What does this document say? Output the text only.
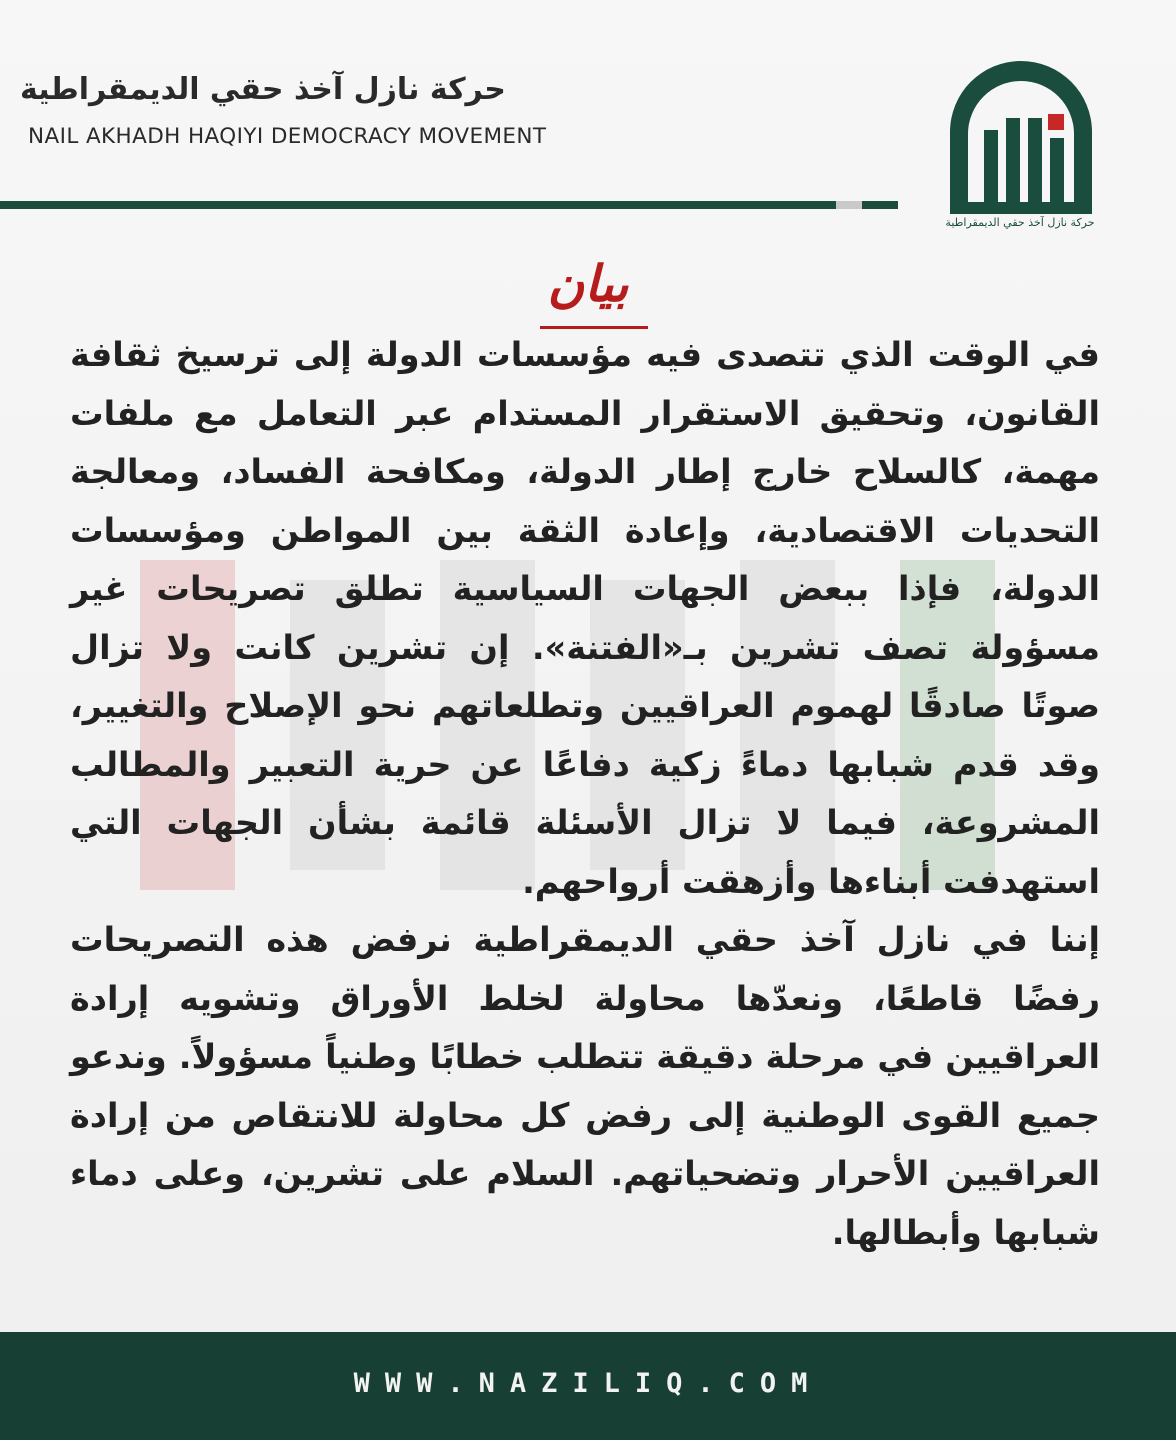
حركة نازل آخذ حقي الديمقراطية
NAIL AKHADH HAQIYI DEMOCRACY MOVEMENT
حركة نازل آخذ حقي الديمقراطية
بيان

في الوقت الذي تتصدى فيه مؤسسات الدولة إلى ترسيخ ثقافة القانون، وتحقيق الاستقرار المستدام عبر التعامل مع ملفات مهمة، كالسلاح خارج إطار الدولة، ومكافحة الفساد، ومعالجة التحديات الاقتصادية، وإعادة الثقة بين المواطن ومؤسسات الدولة، فإذا ببعض الجهات السياسية تطلق تصريحات غير مسؤولة تصف تشرين بـ«الفتنة». إن تشرين كانت ولا تزال صوتًا صادقًا لهموم العراقيين وتطلعاتهم نحو الإصلاح والتغيير، وقد قدم شبابها دماءً زكية دفاعًا عن حرية التعبير والمطالب المشروعة، فيما لا تزال الأسئلة قائمة بشأن الجهات التي استهدفت أبناءها وأزهقت أرواحهم.

إننا في نازل آخذ حقي الديمقراطية نرفض هذه التصريحات رفضًا قاطعًا، ونعدّها محاولة لخلط الأوراق وتشويه إرادة العراقيين في مرحلة دقيقة تتطلب خطابًا وطنياً مسؤولاً. وندعو جميع القوى الوطنية إلى رفض كل محاولة للانتقاص من إرادة العراقيين الأحرار وتضحياتهم. السلام على تشرين، وعلى دماء شبابها وأبطالها.

WWW.NAZILIQ.COM
